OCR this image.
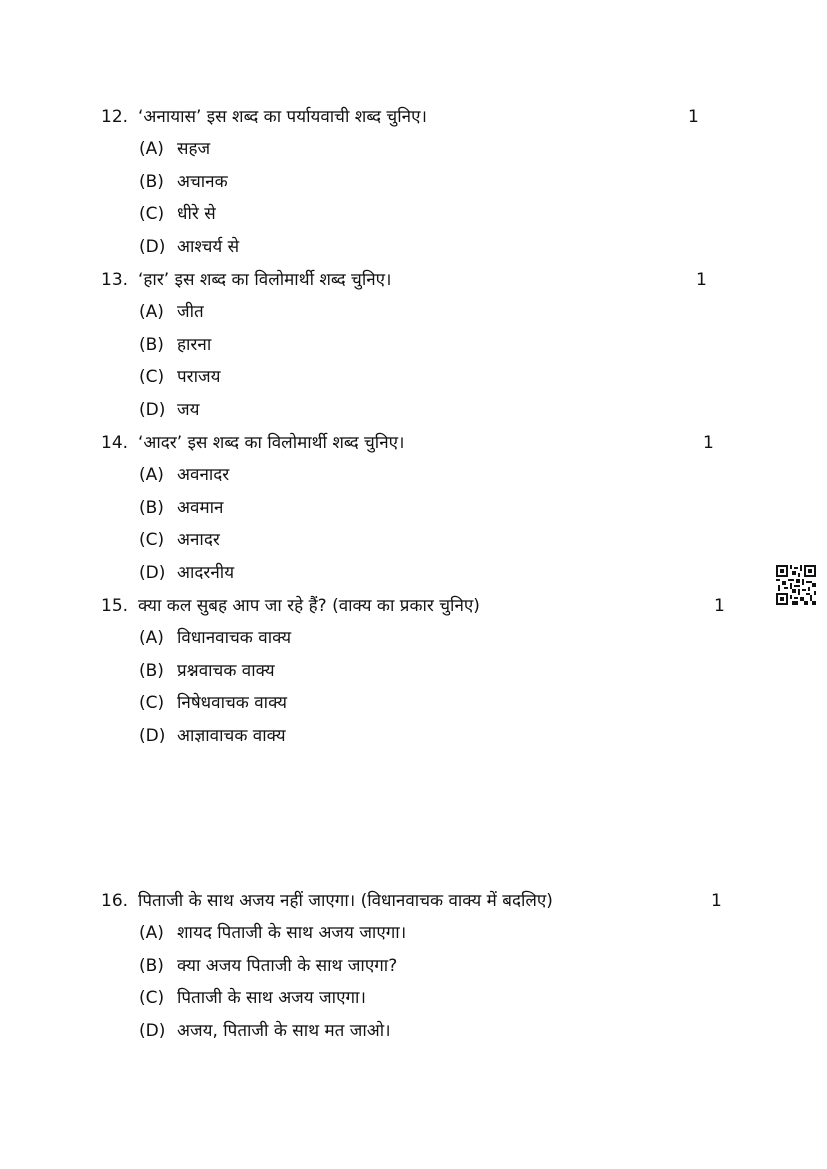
12. ‘अनायास’ इस शब्द का पर्यायवाची शब्द चुनिए।	1
(A) सहज
(B) अचानक
(C) धीरे से
(D) आश्चर्य से
13. ‘हार’ इस शब्द का विलोमार्थी शब्द चुनिए।	1
(A) जीत
(B) हारना
(C) पराजय
(D) जय
14. ‘आदर’ इस शब्द का विलोमार्थी शब्द चुनिए।	1
(A) अवनादर
(B) अवमान
(C) अनादर
(D) आदरनीय
15. क्या कल सुबह आप जा रहे हैं? (वाक्य का प्रकार चुनिए)	1
(A) विधानवाचक वाक्य
(B) प्रश्नवाचक वाक्य
(C) निषेधवाचक वाक्य
(D) आज्ञावाचक वाक्य
16. पिताजी के साथ अजय नहीं जाएगा। (विधानवाचक वाक्य में बदलिए)	1
(A) शायद पिताजी के साथ अजय जाएगा।
(B) क्या अजय पिताजी के साथ जाएगा?
(C) पिताजी के साथ अजय जाएगा।
(D) अजय, पिताजी के साथ मत जाओ।
